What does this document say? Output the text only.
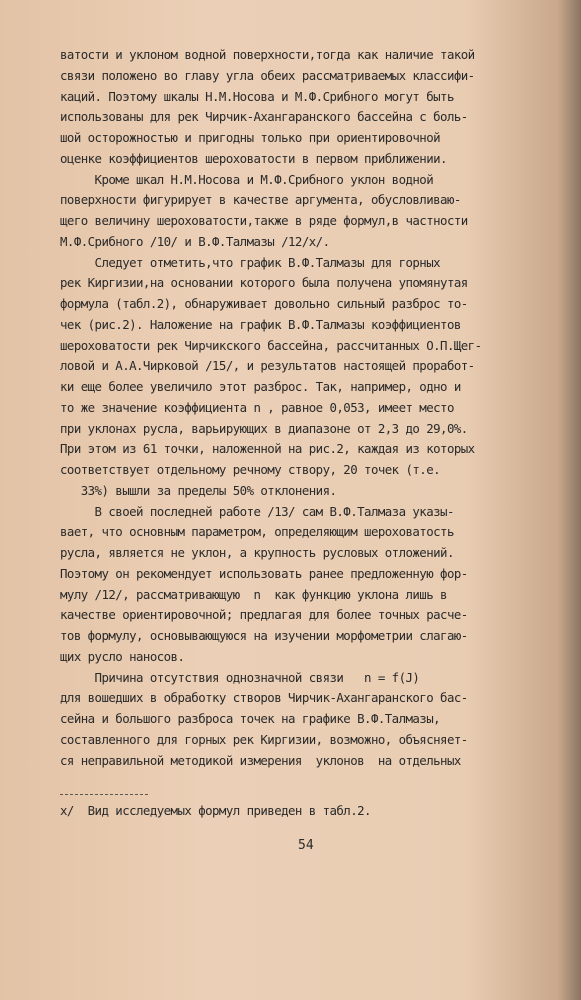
ватости и уклоном водной поверхности,тогда как наличие такой
связи положено во главу угла обеих рассматриваемых классифи-
каций. Поэтому шкалы Н.М.Носова и М.Ф.Срибного могут быть
использованы для рек Чирчик-Ахангаранского бассейна с боль-
шой осторожностью и пригодны только при ориентировочной
оценке коэффициентов шероховатости в первом приближении.
Кроме шкал Н.М.Носова и М.Ф.Срибного уклон водной
поверхности фигурирует в качестве аргумента, обусловливаю-
щего величину шероховатости,также в ряде формул,в частности
М.Ф.Срибного /10/ и В.Ф.Талмазы /12/x/.
Следует отметить,что график В.Ф.Талмазы для горных
рек Киргизии,на основании которого была получена упомянутая
формула (табл.2), обнаруживает довольно сильный разброс то-
чек (рис.2). Наложение на график В.Ф.Талмазы коэффициентов
шероховатости рек Чирчикского бассейна, рассчитанных О.П.Щег-
ловой и А.А.Чирковой /15/, и результатов настоящей проработ-
ки еще более увеличило этот разброс. Так, например, одно и
то же значение коэффициента n , равное 0,053, имеет место
при уклонах русла, варьирующих в диапазоне от 2,3 до 29,0%.
При этом из 61 точки, наложенной на рис.2, каждая из которых
соответствует отдельному речному створу, 20 точек (т.е.
33%) вышли за пределы 50% отклонения.
В своей последней работе /13/ сам В.Ф.Талмаза указы-
вает, что основным параметром, определяющим шероховатость
русла, является не уклон, а крупность русловых отложений.
Поэтому он рекомендует использовать ранее предложенную фор-
мулу /12/, рассматривающую  n  как функцию уклона лишь в
качестве ориентировочной; предлагая для более точных расче-
тов формулу, основывающуюся на изучении морфометрии слагаю-
щих русло наносов.
Причина отсутствия однозначной связи   n = f(J)
для вошедших в обработку створов Чирчик-Ахангаранского бас-
сейна и большого разброса точек на графике В.Ф.Талмазы,
составленного для горных рек Киргизии, возможно, объясняет-
ся неправильной методикой измерения  уклонов  на отдельных
x/  Вид исследуемых формул приведен в табл.2.
54
